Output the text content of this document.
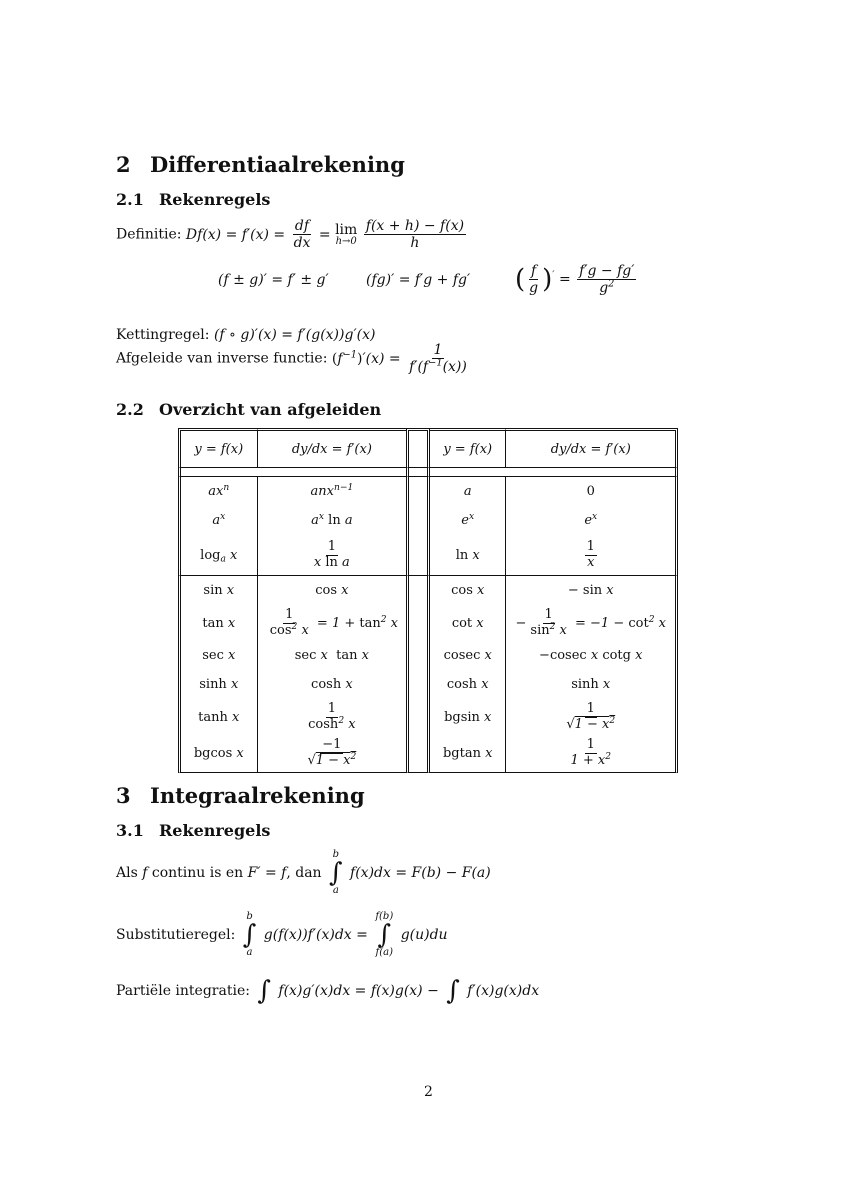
2 Differentiaalrekening
2.1 Rekenregels
Definitie: $Df(x) = f'(x) = \frac{df}{dx} = \lim$
h→0
$\frac{f(x + h) - f(x)}{h}$
(f ± g)′ = f′ ± g′	(fg)′ = f′g + fg′ ( $\frac{f}{g} )' = \frac{f'g - fg'}{g^2}$
Kettingregel: (f ∘ g)′(x) = f′(g(x))g′(x)
Afgeleide van inverse functie: $(f^{-1})'(x) = \frac{1}{f'(f^{-1}(x))}$
2.2 Overzicht van afgeleiden
y = f(x)	dy/dx = f′(x)		y = f(x)	dy/dx = f′(x)

$ax^n$	anx$^{n-1}$		a	0
$a^x$	$a^x$ ln a		$e^x$	$e^x$
$\log_a x$	$\frac{1}{\text{x ln a}}$		ln x	$\frac{1}{x}$

sin x	cos x		cos x	− sin x
tan x	$\frac{1}{\cos^2 x} = 1 + \tan^2 x$		cot x	− $\frac{1}{\sin^2 x} = -1 - \cot^2 x$
sec x	sec x  tan x		cosec x	−cosec x cotg x
sinh x	cosh x		cosh x	sinh x
tanh x	$\frac{1}{\cosh^2 x}$		bgsin x	$\frac{1}{√1 - x^2}$

bgcos x	$\frac{-1}{√1 - x^2}$		bgtan x	$\frac{1}{1 + x^2}$
3 Integraalrekening
3.1 Rekenregels
Als f continu is en F′ = f, dan
b
∫
a
f(x)dx = F(b) − F(a)
Substitutieregel:
b
∫
a
g(f(x))f′(x)dx =
f(b)
∫
f(a)
g(u)du
Partiële integratie: ∫ f(x)g′(x)dx = f(x)g(x) − ∫ f′(x)g(x)dx
2
